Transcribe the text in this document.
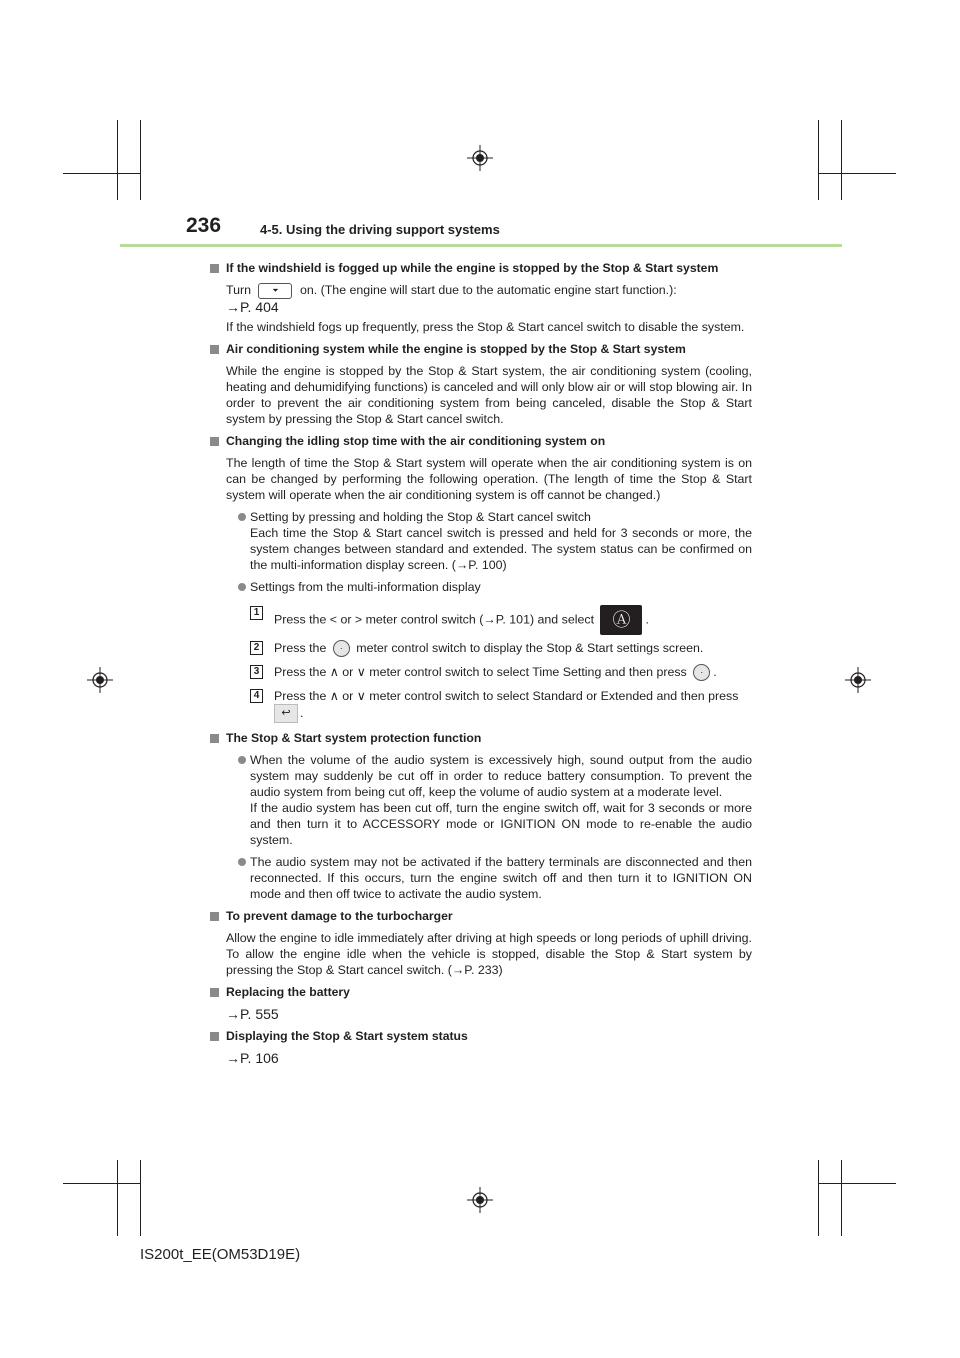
236	4-5. Using the driving support systems
If the windshield is fogged up while the engine is stopped by the Stop & Start system
Turn	⏷ on. (The engine will start due to the automatic engine start function.):
→P. 404
If the windshield fogs up frequently, press the Stop & Start cancel switch to disable the system.
Air conditioning system while the engine is stopped by the Stop & Start system
While the engine is stopped by the Stop & Start system, the air conditioning system (cooling, heating and dehumidifying functions) is canceled and will only blow air or will stop blowing air. In order to prevent the air conditioning system from being canceled, disable the Stop & Start system by pressing the Stop & Start cancel switch.
Changing the idling stop time with the air conditioning system on
The length of time the Stop & Start system will operate when the air conditioning system is on can be changed by performing the following operation. (The length of time the Stop & Start system will operate when the air conditioning system is off cannot be changed.)
Setting by pressing and holding the Stop & Start cancel switch
Each time the Stop & Start cancel switch is pressed and held for 3 seconds or more, the system changes between standard and extended. The system status can be confirmed on the multi-information display screen. (→P. 100)
Settings from the multi-information display
1 Press the < or > meter control switch (→P. 101) and select Ⓐ .
2 Press the · meter control switch to display the Stop & Start settings screen.
3 Press the ∧ or ∨ meter control switch to select Time Setting and then press · .
4 Press the ∧ or ∨ meter control switch to select Standard or Extended and then press
↩ .
The Stop & Start system protection function
When the volume of the audio system is excessively high, sound output from the audio system may suddenly be cut off in order to reduce battery consumption. To prevent the audio system from being cut off, keep the volume of audio system at a moderate level.
If the audio system has been cut off, turn the engine switch off, wait for 3 seconds or more and then turn it to ACCESSORY mode or IGNITION ON mode to re-enable the audio system.
The audio system may not be activated if the battery terminals are disconnected and then reconnected. If this occurs, turn the engine switch off and then turn it to IGNITION ON mode and then off twice to activate the audio system.
To prevent damage to the turbocharger
Allow the engine to idle immediately after driving at high speeds or long periods of uphill driving. To allow the engine idle when the vehicle is stopped, disable the Stop & Start system by pressing the Stop & Start cancel switch. (→P. 233)
Replacing the battery
→P. 555
Displaying the Stop & Start system status
→P. 106
IS200t_EE(OM53D19E)
